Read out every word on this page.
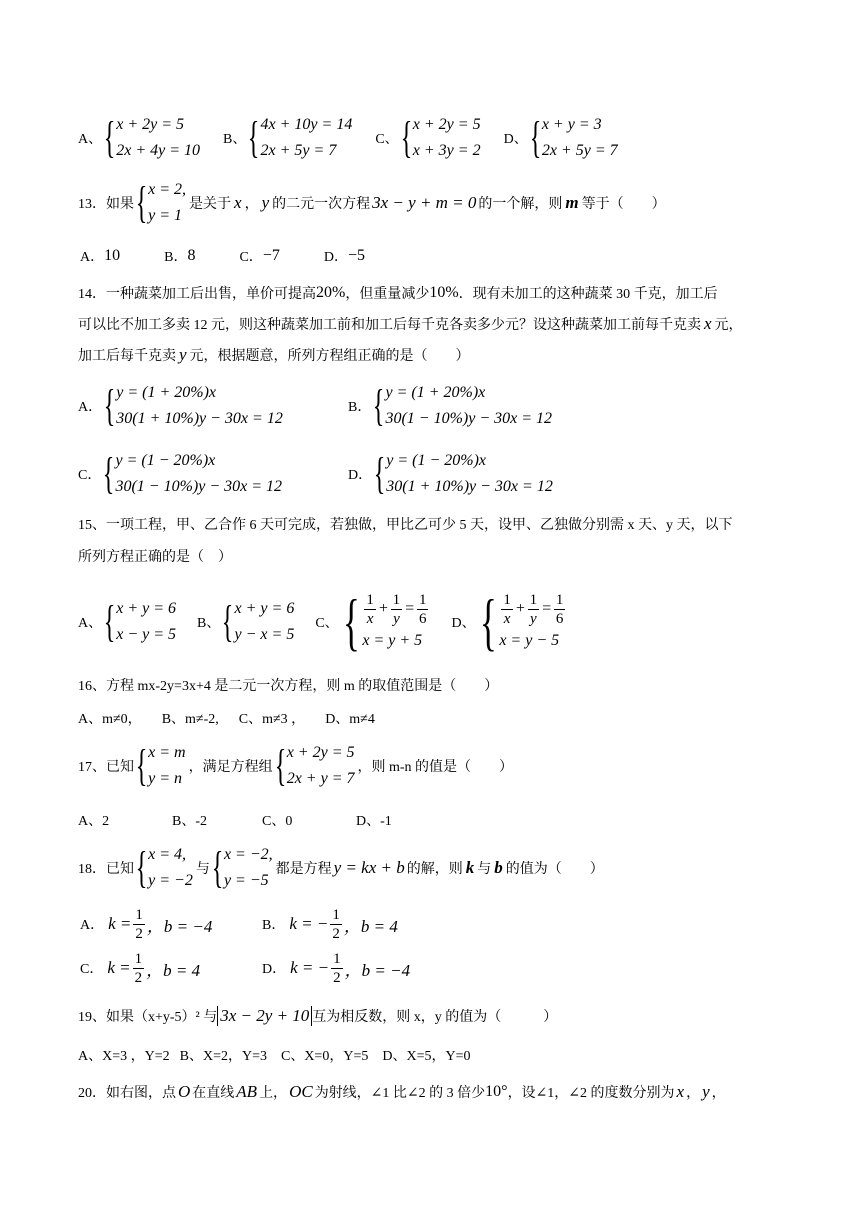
A、 { x + 2y = 5
2x + 4y = 10
B、 { 4x + 10y = 14
2x + 5y = 7
C、 { x + 2y = 5
x + 3y = 2
D、 { x + y = 3
2x + 5y = 7
13．如果 { x = 2,
y = 1
是关于 x ， y 的二元一次方程 3x − y + m = 0 的一个解，则 m 等于（　　）
A． 10	B． 8	C． −7	D． −5
14．一种蔬菜加工后出售，单价可提高 20% ，但重量减少 10% ．现有未加工的这种蔬菜 30 千克，加工后
可以比不加工多卖 12 元，则这种蔬菜加工前和加工后每千克各卖多少元？设这种蔬菜加工前每千克卖 x 元，
加工后每千克卖 y 元，根据题意，所列方程组正确的是（　　）
A． { y = (1 + 20%)x
30(1 + 10%)y − 30x = 12
B． { y = (1 + 20%)x
30(1 − 10%)y − 30x = 12
C． { y = (1 − 20%)x
30(1 − 10%)y − 30x = 12
D． { y = (1 − 20%)x
30(1 + 10%)y − 30x = 12
15、一项工程，甲、乙合作 6 天可完成，若独做，甲比乙可少 5 天，设甲、乙独做分别需 x 天、y 天，以下
所列方程正确的是（　）
A、 { x + y = 6
x − y = 5
B、 { x + y = 6
y − x = 5
C、 { $\frac{1}{x} + \frac{1}{y} = \frac{1}{6}$
x = y + 5
D、 { $\frac{1}{x} + \frac{1}{y} = \frac{1}{6}$
x = y − 5
16、方程 mx-2y=3x+4 是二元一次方程，则 m 的取值范围是（　　）
A、m≠0， B、m≠-2, C、m≠3 ， D、m≠4
17、已知 { x = m
y = n
，满足方程组 { x + 2y = 5
2x + y = 7
，则 m-n 的值是（　　）
A、2	B、-2	C、0	D、-1
18．已知 { x = 4,
y = −2
与 { x = −2,
y = −5
都是方程 y = kx + b 的解，则 k 与 b 的值为（　　）
A． $k = \frac{1}{2}$ ，b = −4	B． k = − $\frac{1}{2}$ ，b = 4
C． $k = \frac{1}{2}$ ，b = 4	D． k = − $\frac{1}{2}$ ，b = −4
19、如果（x+y-5）² 与 3x − 2y + 10 互为相反数，则 x，y 的值为（　　　）
A、X=3 ，Y=2 B、X=2，Y=3 C、X=0，Y=5 D、X=5，Y=0
20．如右图，点 O 在直线 AB 上， OC 为射线，∠1 比∠2 的 3 倍少 10° ，设∠1，∠2 的度数分别为 x ， y ，
